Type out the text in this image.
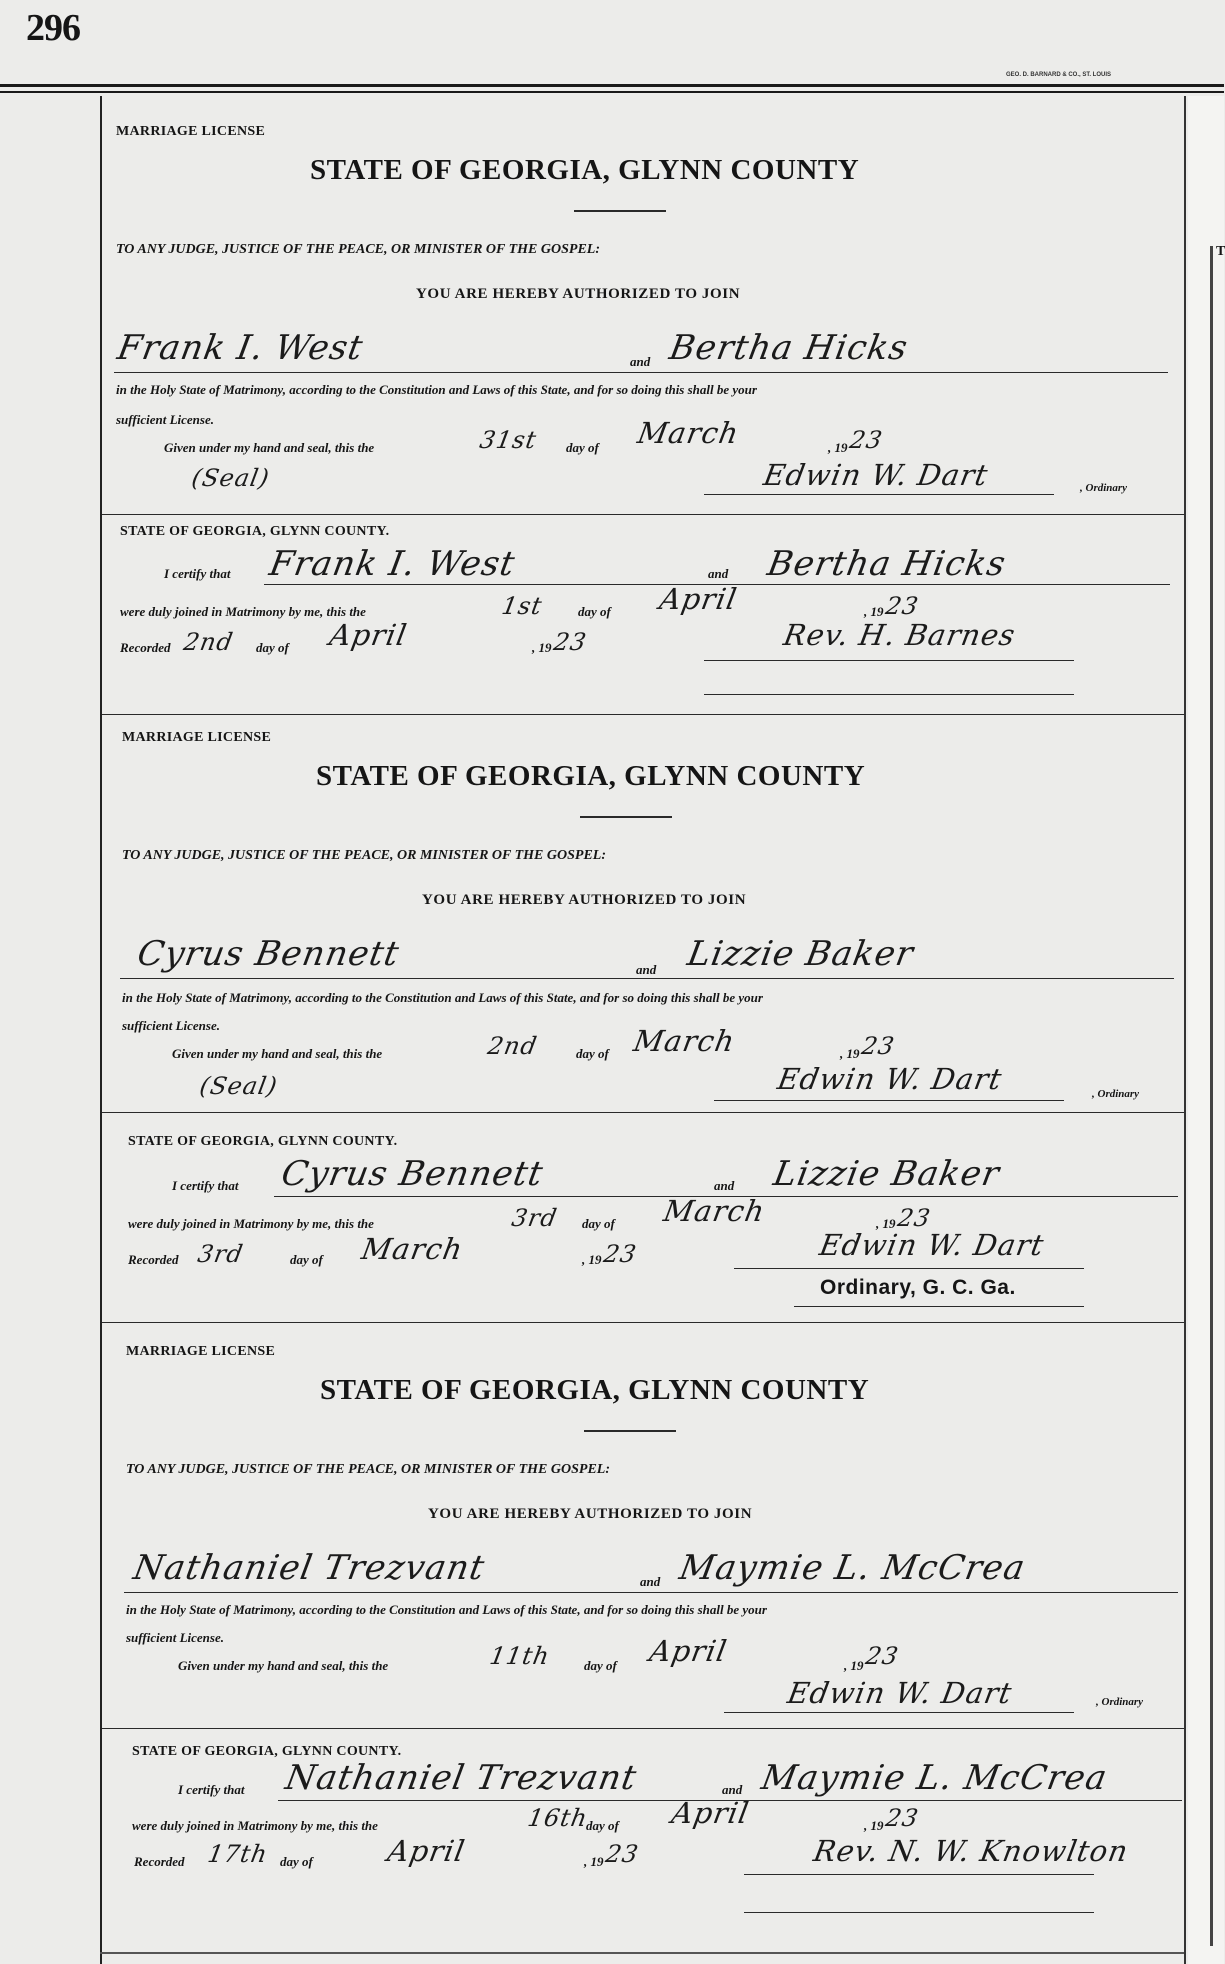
296
GEO. D. BARNARD & CO., ST. LOUIS
T
MARRIAGE LICENSE
STATE OF GEORGIA, GLYNN COUNTY
TO ANY JUDGE, JUSTICE OF THE PEACE, OR MINISTER OF THE GOSPEL:
YOU ARE HEREBY AUTHORIZED TO JOIN
Frank I. West	and Bertha Hicks
in the Holy State of Matrimony, according to the Constitution and Laws of this State, and for so doing this shall be your
sufficient License.
Given under my hand and seal, this the	31st day of March	, 19 23
(Seal)	Edwin W. Dart	, Ordinary
STATE OF GEORGIA, GLYNN COUNTY.
I certify that Frank I. West	and Bertha Hicks
were duly joined in Matrimony by me, this the	1st	day of April	, 19 23
Recorded 2nd day of April	, 19 23	Rev. H. Barnes
MARRIAGE LICENSE
STATE OF GEORGIA, GLYNN COUNTY
TO ANY JUDGE, JUSTICE OF THE PEACE, OR MINISTER OF THE GOSPEL:
YOU ARE HEREBY AUTHORIZED TO JOIN
Cyrus Bennett	and Lizzie Baker
in the Holy State of Matrimony, according to the Constitution and Laws of this State, and for so doing this shall be your
sufficient License.
Given under my hand and seal, this the	2nd	day of March	, 19 23
(Seal)	Edwin W. Dart	, Ordinary
STATE OF GEORGIA, GLYNN COUNTY.
I certify that Cyrus Bennett	and Lizzie Baker
were duly joined in Matrimony by me, this the	3rd day of March	, 19 23
Recorded 3rd	day of March	, 19 23	Edwin W. Dart
Ordinary, G. C. Ga.
MARRIAGE LICENSE
STATE OF GEORGIA, GLYNN COUNTY
TO ANY JUDGE, JUSTICE OF THE PEACE, OR MINISTER OF THE GOSPEL:
YOU ARE HEREBY AUTHORIZED TO JOIN
Nathaniel Trezvant	and Maymie L. McCrea
in the Holy State of Matrimony, according to the Constitution and Laws of this State, and for so doing this shall be your
sufficient License.
Given under my hand and seal, this the	11th day of April	, 19 23
Edwin W. Dart	, Ordinary
STATE OF GEORGIA, GLYNN COUNTY.
I certify that Nathaniel Trezvant	and Maymie L. McCrea
were duly joined in Matrimony by me, this the	16th
day of April	, 19 23
Recorded 17th day of April	, 19 23	Rev. N. W. Knowlton
